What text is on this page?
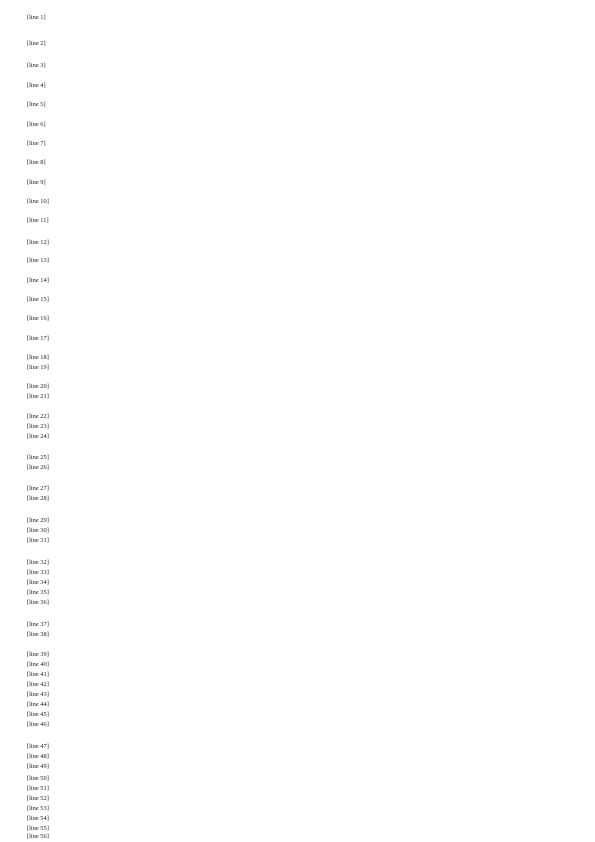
[line 1]
[line 2]
[line 3]
[line 4]
[line 5]
[line 6]
[line 7]
[line 8]
[line 9]
[line 10]
[line 11]
[line 12]
[line 13]
[line 14]
[line 15]
[line 16]
[line 17]
[line 18]
[line 19]
[line 20]
[line 21]
[line 22]
[line 23]
[line 24]
[line 25]
[line 26]
[line 27]
[line 28]
[line 29]
[line 30]
[line 31]
[line 32]
[line 33]
[line 34]
[line 35]
[line 36]
[line 37]
[line 38]
[line 39]
[line 40]
[line 41]
[line 42]
[line 43]
[line 44]
[line 45]
[line 46]
[line 47]
[line 48]
[line 49]
[line 50]
[line 51]
[line 52]
[line 53]
[line 54]
[line 55]
[line 56]
